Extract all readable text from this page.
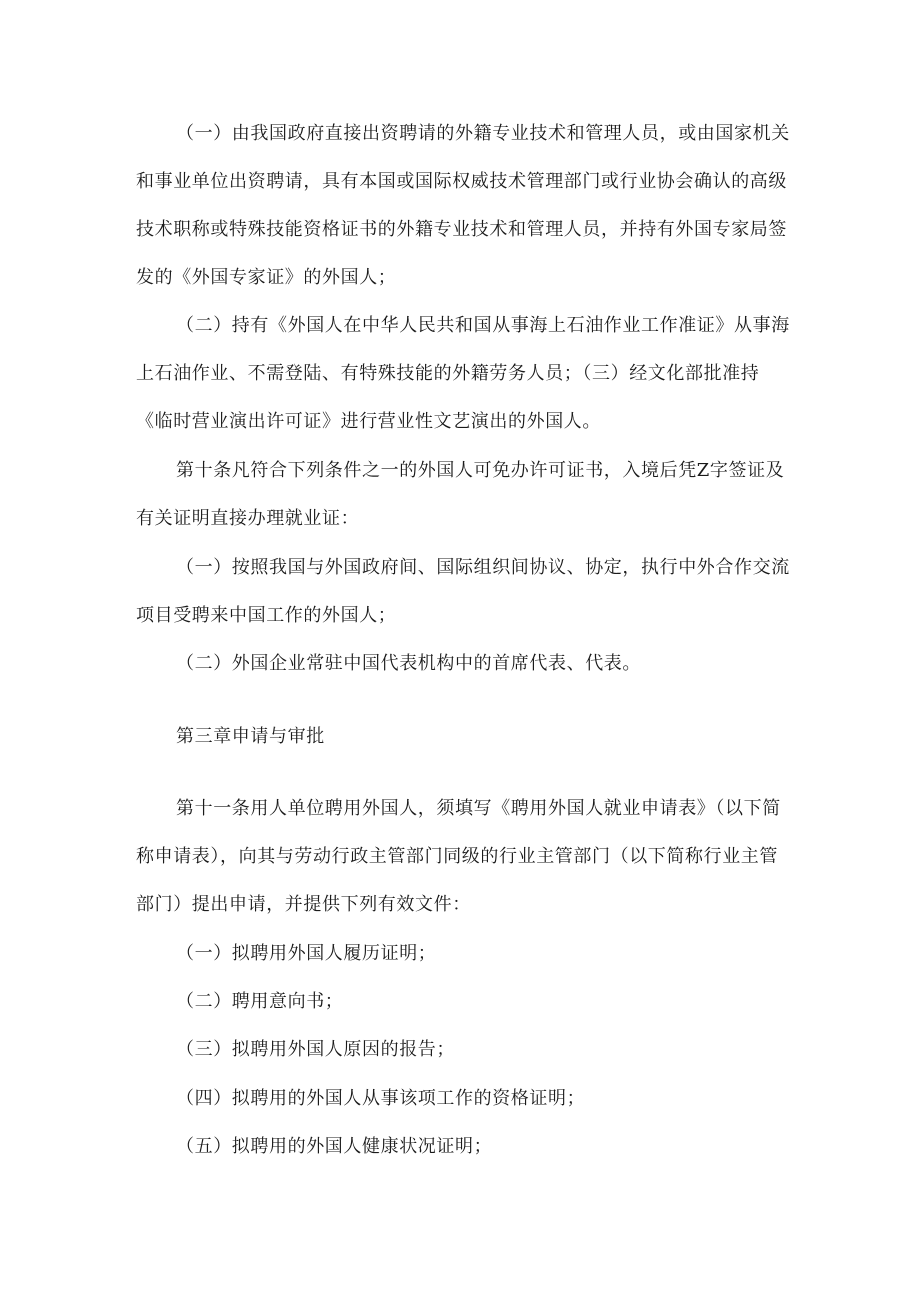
（一）由我国政府直接出资聘请的外籍专业技术和管理人员，或由国家机关
和事业单位出资聘请，具有本国或国际权威技术管理部门或行业协会确认的高级
技术职称或特殊技能资格证书的外籍专业技术和管理人员，并持有外国专家局签
发的《外国专家证》的外国人；
（二）持有《外国人在中华人民共和国从事海上石油作业工作准证》从事海
上石油作业、不需登陆、有特殊技能的外籍劳务人员；（三）经文化部批准持
《临时营业演出许可证》进行营业性文艺演出的外国人。
第十条凡符合下列条件之一的外国人可免办许可证书，入境后凭Z字签证及
有关证明直接办理就业证：
（一）按照我国与外国政府间、国际组织间协议、协定，执行中外合作交流
项目受聘来中国工作的外国人；
（二）外国企业常驻中国代表机构中的首席代表、代表。
第三章申请与审批
第十一条用人单位聘用外国人，须填写《聘用外国人就业申请表》（以下简
称申请表），向其与劳动行政主管部门同级的行业主管部门（以下简称行业主管
部门）提出申请，并提供下列有效文件：
（一）拟聘用外国人履历证明；
（二）聘用意向书；
（三）拟聘用外国人原因的报告；
（四）拟聘用的外国人从事该项工作的资格证明；
（五）拟聘用的外国人健康状况证明；
